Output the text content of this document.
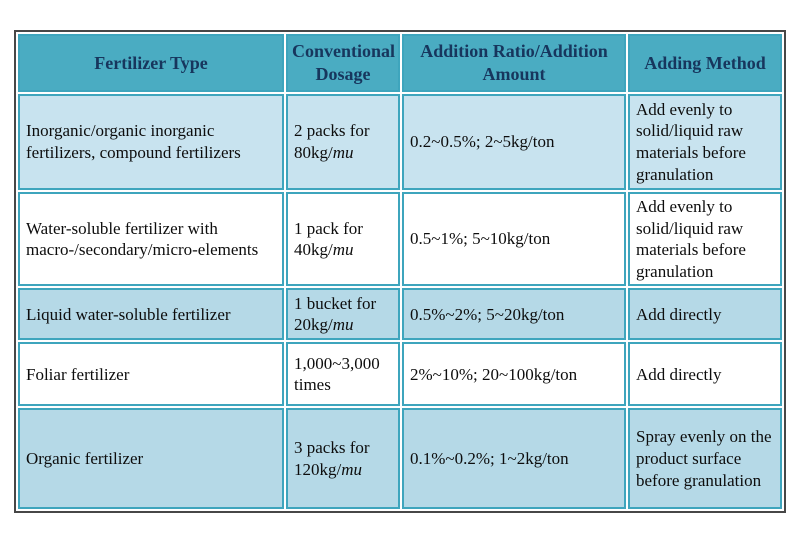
Fertilizer Type	Conventional Dosage	Addition Ratio/Addition Amount	Adding Method
Inorganic/organic inorganic fertilizers, compound fertilizers	2 packs for 80kg/mu	0.2~0.5%; 2~5kg/ton	Add evenly to solid/liquid raw materials before granulation
Water-soluble fertilizer with macro-/secondary/micro-elements	1 pack for 40kg/mu	0.5~1%; 5~10kg/ton	Add evenly to solid/liquid raw materials before granulation
Liquid water-soluble fertilizer	1 bucket for 20kg/mu	0.5%~2%; 5~20kg/ton	Add directly
Foliar fertilizer	1,000~3,000 times	2%~10%; 20~100kg/ton	Add directly
Organic fertilizer	3 packs for 120kg/mu	0.1%~0.2%; 1~2kg/ton	Spray evenly on the product surface before granulation
